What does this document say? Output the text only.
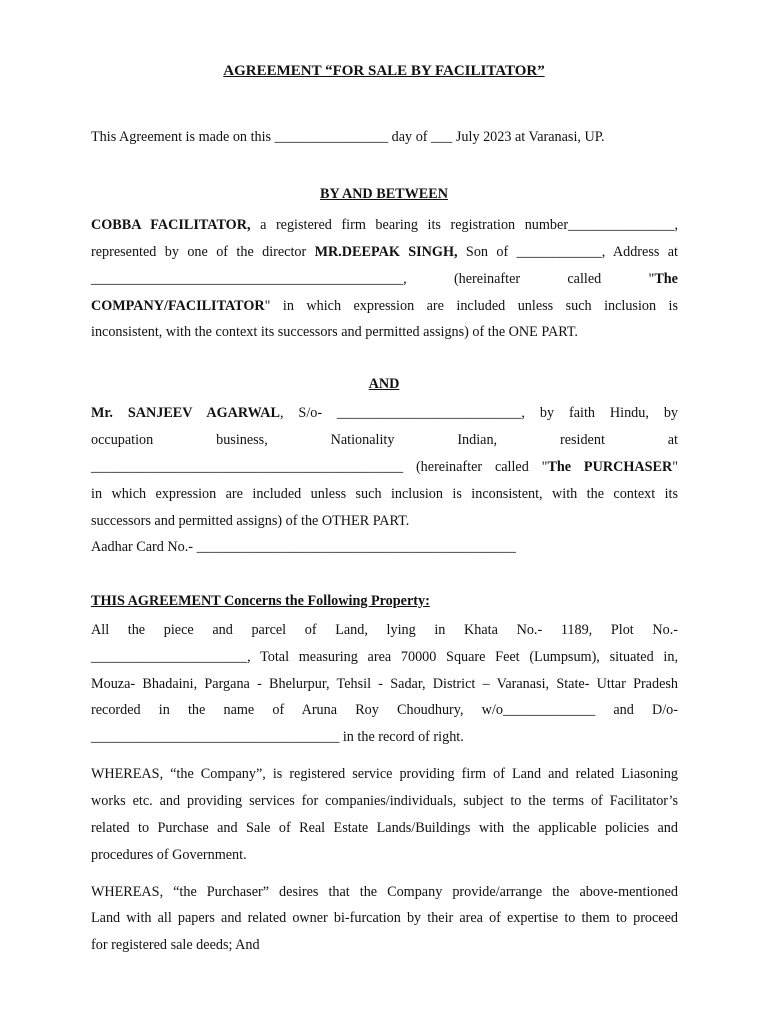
AGREEMENT “FOR SALE BY FACILITATOR”
This Agreement is made on this ________________ day of ___ July 2023 at Varanasi, UP.
BY AND BETWEEN
COBBA FACILITATOR, a registered firm bearing its registration number_______________,
represented by one of the director MR.DEEPAK SINGH, Son of ____________, Address at
____________________________________________,	(hereinafter	called	"The
COMPANY/FACILITATOR" in which expression are included unless such inclusion is
inconsistent, with the context its successors and permitted assigns) of the ONE PART.
AND
Mr. SANJEEV AGARWAL, S/o- __________________________, by faith Hindu, by
occupation	business,	Nationality	Indian,	resident	at
____________________________________________ (hereinafter called "The PURCHASER"
in which expression are included unless such inclusion is inconsistent, with the context its
successors and permitted assigns) of the OTHER PART.
Aadhar Card No.- _____________________________________________
THIS AGREEMENT Concerns the Following Property:
All the piece and parcel of Land, lying in Khata No.- 1189, Plot No.-
______________________, Total measuring area 70000 Square Feet (Lumpsum), situated in,
Mouza- Bhadaini, Pargana - Bhelurpur, Tehsil - Sadar, District – Varanasi, State- Uttar Pradesh
recorded in the name of Aruna Roy Choudhury, w/o_____________ and D/o-
___________________________________ in the record of right.
WHEREAS, “the Company”, is registered service providing firm of Land and related Liasoning
works etc. and providing services for companies/individuals, subject to the terms of Facilitator’s
related to Purchase and Sale of Real Estate Lands/Buildings with the applicable policies and
procedures of Government.
WHEREAS, “the Purchaser” desires that the Company provide/arrange the above-mentioned
Land with all papers and related owner bi-furcation by their area of expertise to them to proceed
for registered sale deeds; And
